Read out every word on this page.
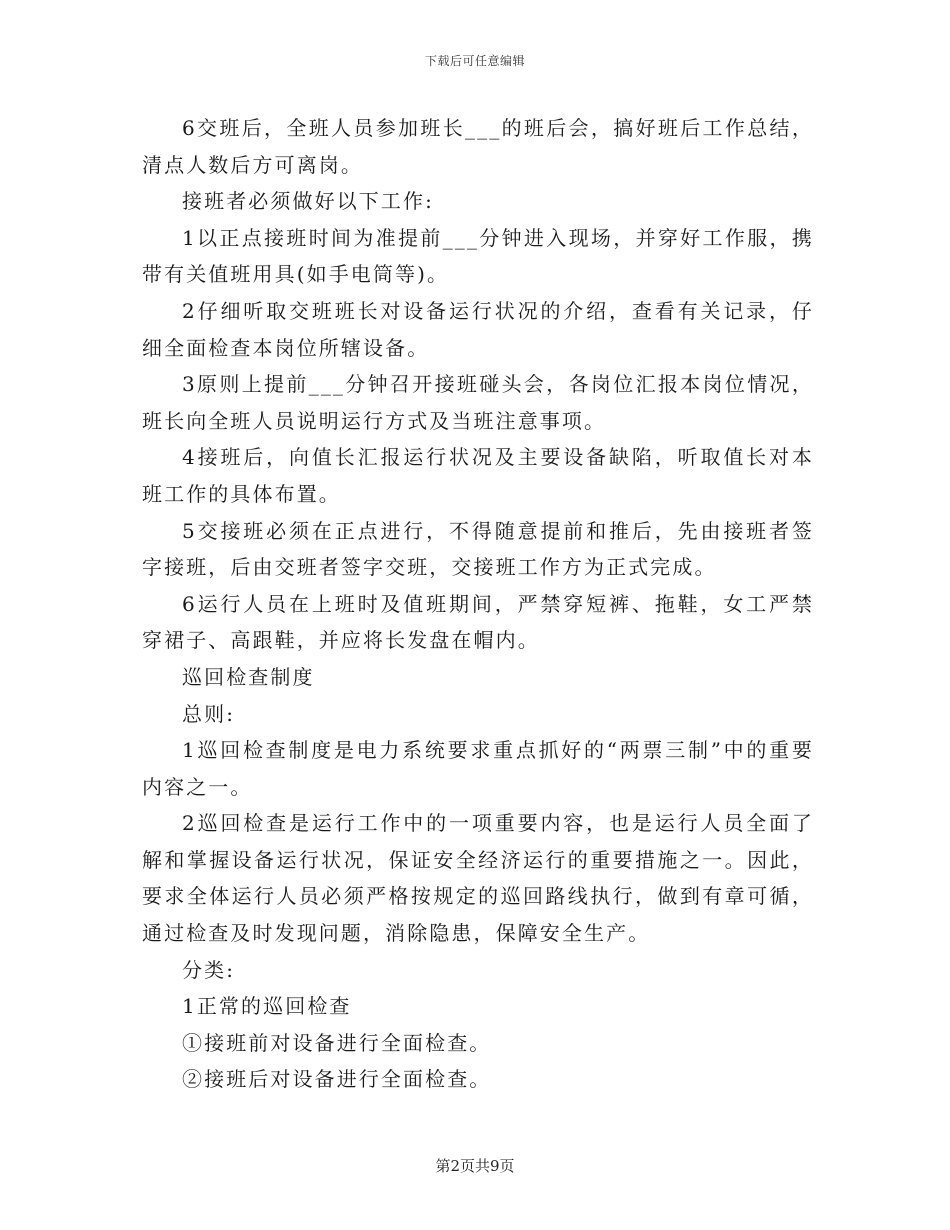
下载后可任意编辑

6交班后，全班人员参加班长___的班后会，搞好班后工作总结，清点人数后方可离岗。

接班者必须做好以下工作:

1以正点接班时间为准提前___分钟进入现场，并穿好工作服，携带有关值班用具(如手电筒等)。

2仔细听取交班班长对设备运行状况的介绍，查看有关记录，仔细全面检查本岗位所辖设备。

3原则上提前___分钟召开接班碰头会，各岗位汇报本岗位情况，班长向全班人员说明运行方式及当班注意事项。

4接班后，向值长汇报运行状况及主要设备缺陷，听取值长对本班工作的具体布置。

5交接班必须在正点进行，不得随意提前和推后，先由接班者签字接班，后由交班者签字交班，交接班工作方为正式完成。

6运行人员在上班时及值班期间，严禁穿短裤、拖鞋，女工严禁穿裙子、高跟鞋，并应将长发盘在帽内。

巡回检查制度

总则:

1巡回检查制度是电力系统要求重点抓好的“两票三制”中的重要内容之一。

2巡回检查是运行工作中的一项重要内容，也是运行人员全面了解和掌握设备运行状况，保证安全经济运行的重要措施之一。因此，要求全体运行人员必须严格按规定的巡回路线执行，做到有章可循，通过检查及时发现问题，消除隐患，保障安全生产。

分类:

1正常的巡回检查

①接班前对设备进行全面检查。

②接班后对设备进行全面检查。

第2页共9页
